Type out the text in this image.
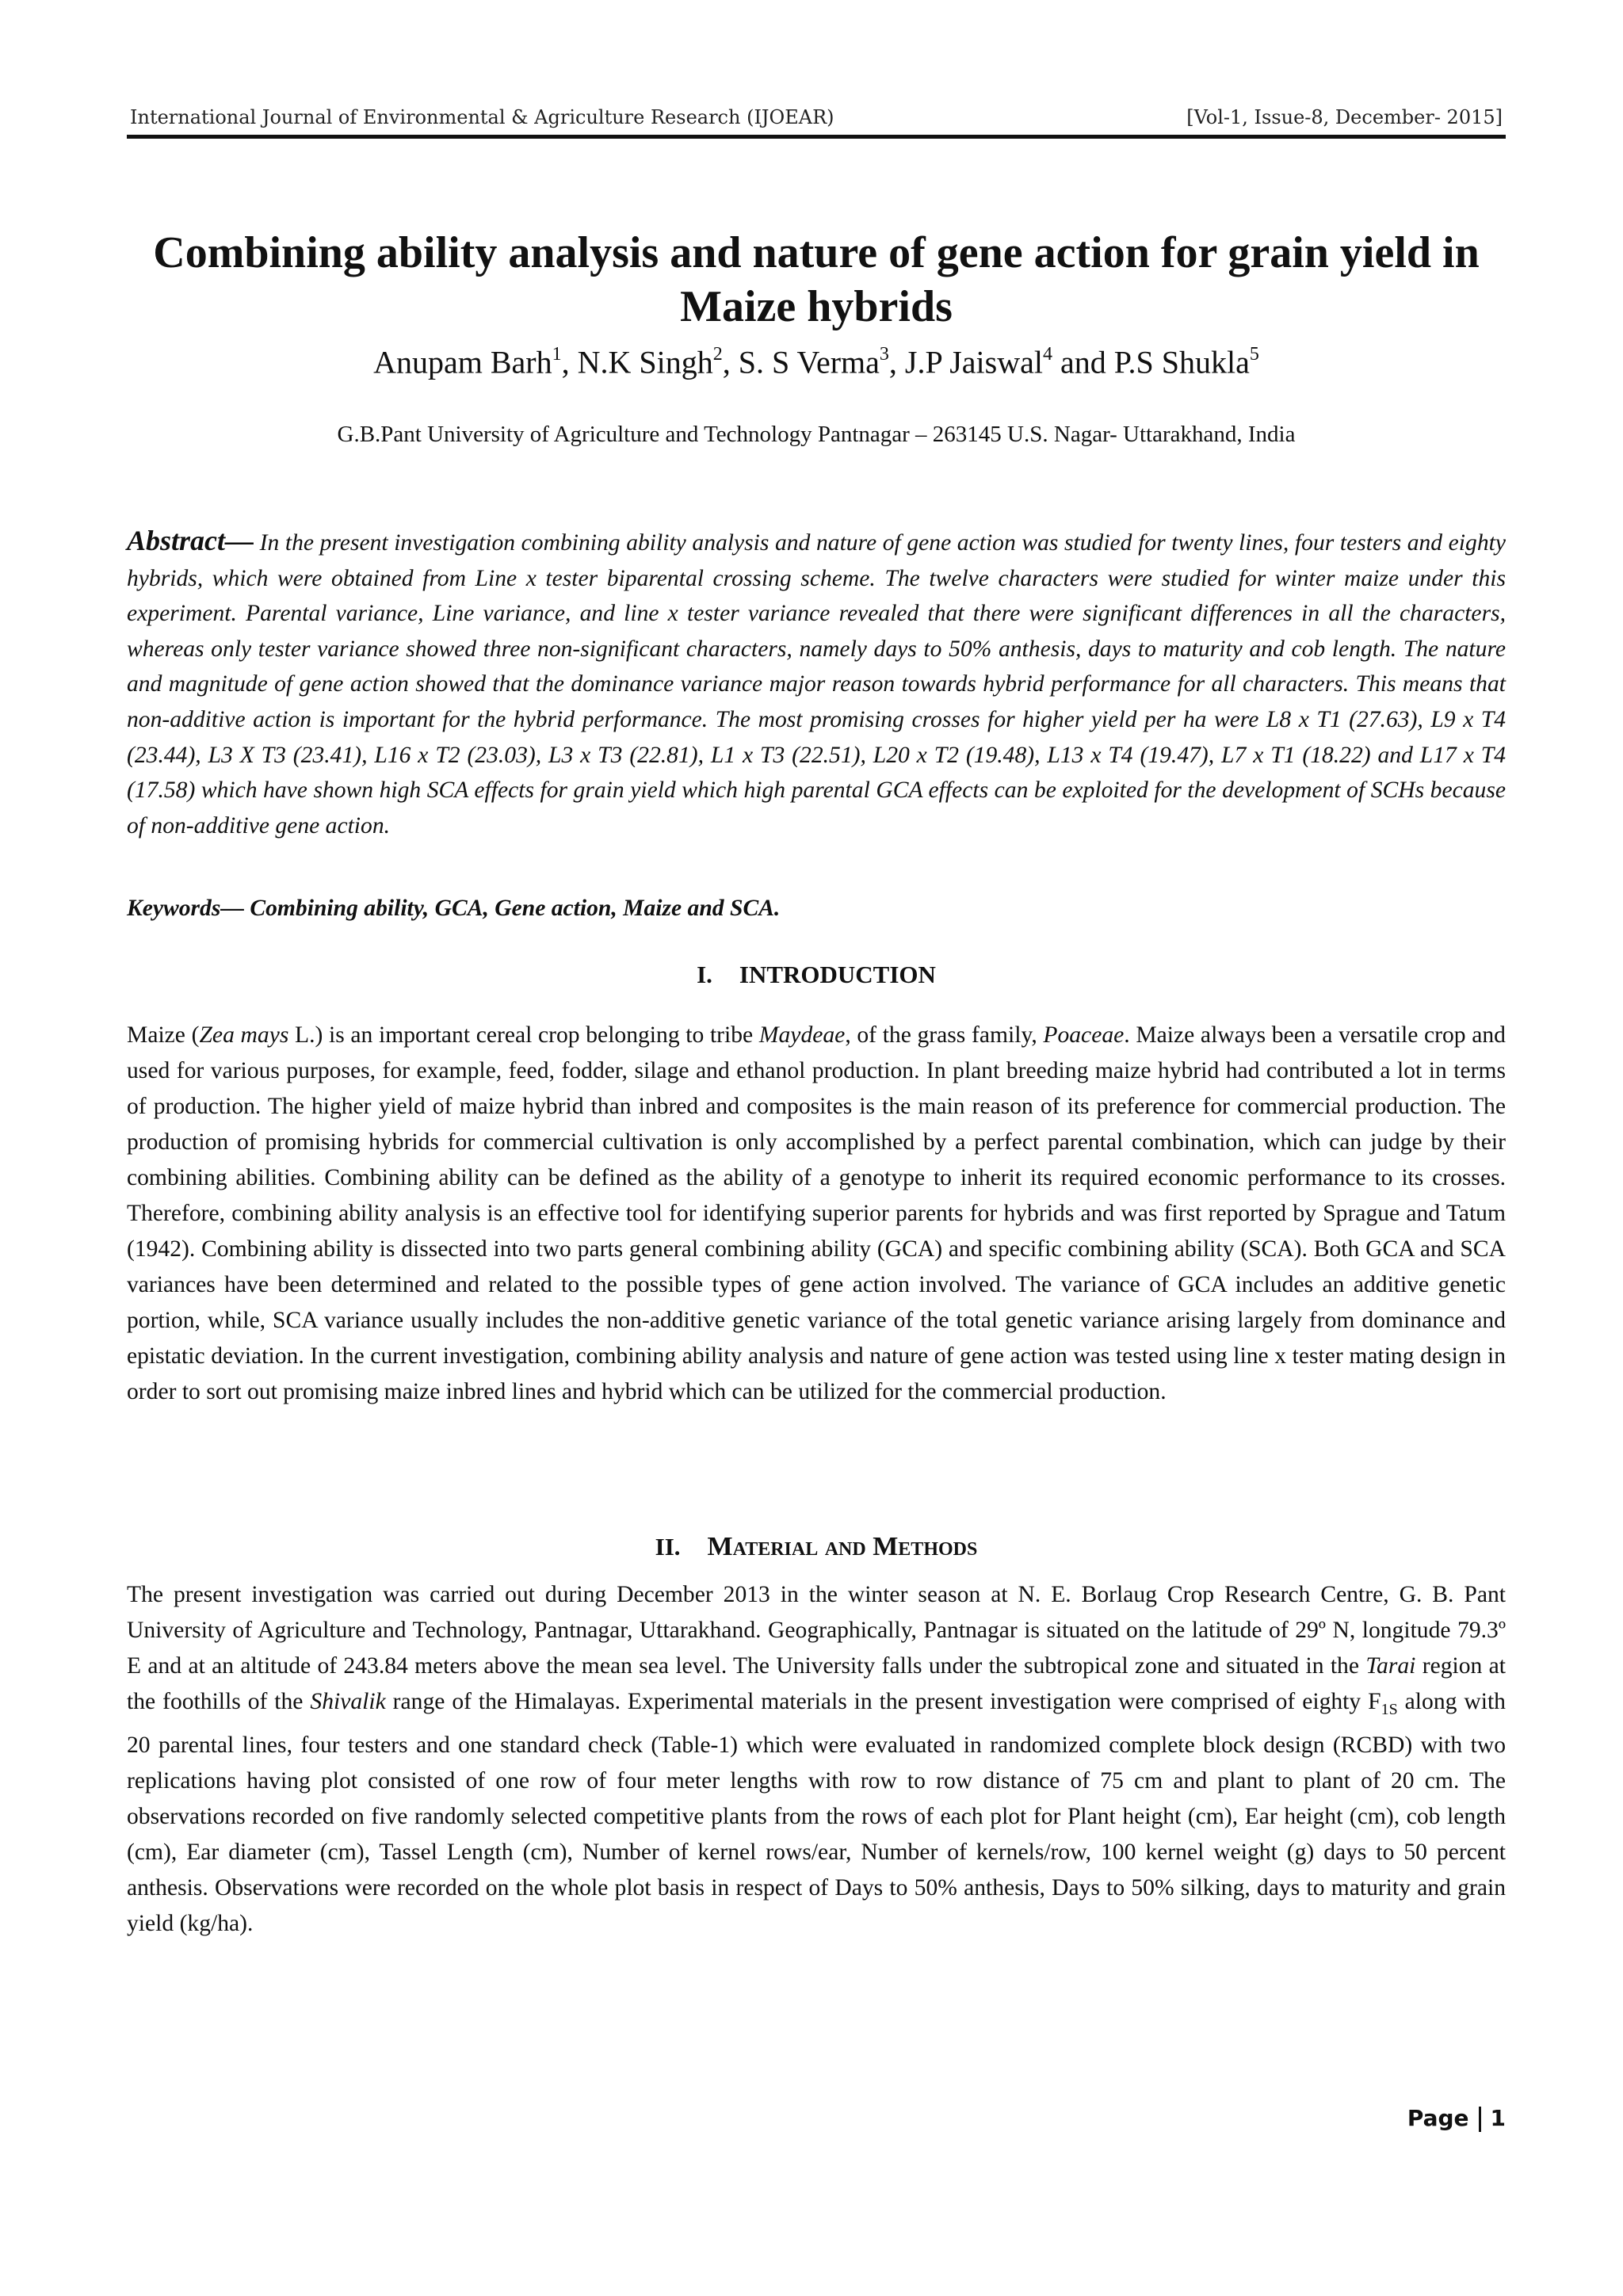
International Journal of Environmental & Agriculture Research (IJOEAR)	[Vol-1, Issue-8, December- 2015]
Combining ability analysis and nature of gene action for grain yield in Maize hybrids
Anupam Barh$^1$, N.K Singh$^2$, S. S Verma$^3$, J.P Jaiswal$^4$ and P.S Shukla$^5$
G.B.Pant University of Agriculture and Technology Pantnagar – 263145 U.S. Nagar- Uttarakhand, India
Abstract— In the present investigation combining ability analysis and nature of gene action was studied for twenty lines, four testers and eighty hybrids, which were obtained from Line x tester biparental crossing scheme. The twelve characters were studied for winter maize under this experiment. Parental variance, Line variance, and line x tester variance revealed that there were significant differences in all the characters, whereas only tester variance showed three non-significant characters, namely days to 50% anthesis, days to maturity and cob length. The nature and magnitude of gene action showed that the dominance variance major reason towards hybrid performance for all characters. This means that non-additive action is important for the hybrid performance. The most promising crosses for higher yield per ha were L8 x T1 (27.63), L9 x T4 (23.44), L3 X T3 (23.41), L16 x T2 (23.03), L3 x T3 (22.81), L1 x T3 (22.51), L20 x T2 (19.48), L13 x T4 (19.47), L7 x T1 (18.22) and L17 x T4 (17.58) which have shown high SCA effects for grain yield which high parental GCA effects can be exploited for the development of SCHs because of non-additive gene action.
Keywords— Combining ability, GCA, Gene action, Maize and SCA.
I. INTRODUCTION
Maize (Zea mays L.) is an important cereal crop belonging to tribe Maydeae, of the grass family, Poaceae. Maize always been a versatile crop and used for various purposes, for example, feed, fodder, silage and ethanol production. In plant breeding maize hybrid had contributed a lot in terms of production. The higher yield of maize hybrid than inbred and composites is the main reason of its preference for commercial production. The production of promising hybrids for commercial cultivation is only accomplished by a perfect parental combination, which can judge by their combining abilities. Combining ability can be defined as the ability of a genotype to inherit its required economic performance to its crosses. Therefore, combining ability analysis is an effective tool for identifying superior parents for hybrids and was first reported by Sprague and Tatum (1942). Combining ability is dissected into two parts general combining ability (GCA) and specific combining ability (SCA). Both GCA and SCA variances have been determined and related to the possible types of gene action involved. The variance of GCA includes an additive genetic portion, while, SCA variance usually includes the non-additive genetic variance of the total genetic variance arising largely from dominance and epistatic deviation. In the current investigation, combining ability analysis and nature of gene action was tested using line x tester mating design in order to sort out promising maize inbred lines and hybrid which can be utilized for the commercial production.
II. Material and Methods
The present investigation was carried out during December 2013 in the winter season at N. E. Borlaug Crop Research Centre, G. B. Pant University of Agriculture and Technology, Pantnagar, Uttarakhand. Geographically, Pantnagar is situated on the latitude of 29º N, longitude 79.3º E and at an altitude of 243.84 meters above the mean sea level. The University falls under the subtropical zone and situated in the Tarai region at the foothills of the Shivalik range of the Himalayas. Experimental materials in the present investigation were comprised of eighty $F_{1S}$ along with 20 parental lines, four testers and one standard check (Table-1) which were evaluated in randomized complete block design (RCBD) with two replications having plot consisted of one row of four meter lengths with row to row distance of 75 cm and plant to plant of 20 cm. The observations recorded on five randomly selected competitive plants from the rows of each plot for Plant height (cm), Ear height (cm), cob length (cm), Ear diameter (cm), Tassel Length (cm), Number of kernel rows/ear, Number of kernels/row, 100 kernel weight (g) days to 50 percent anthesis. Observations were recorded on the whole plot basis in respect of Days to 50% anthesis, Days to 50% silking, days to maturity and grain yield (kg/ha).
Page 1
